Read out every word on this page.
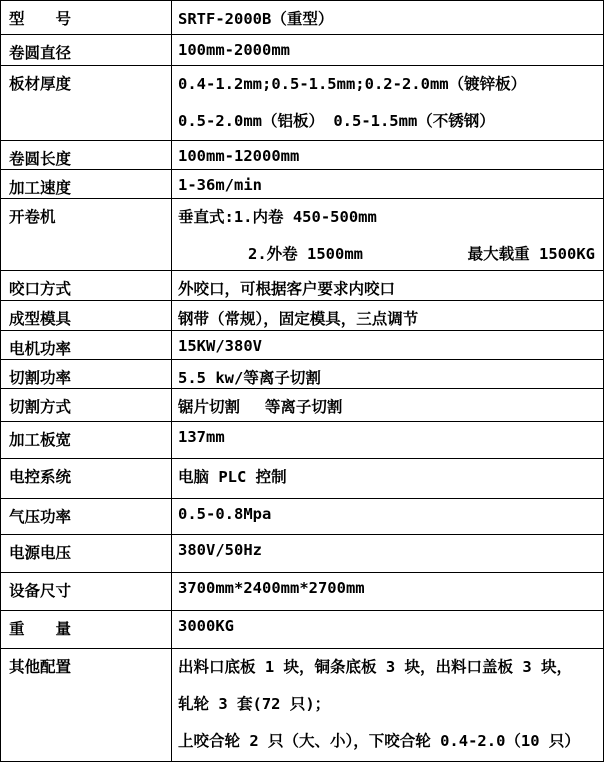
型　　号	SRTF-2000B（重型）

卷圆直径	100mm-2000mm

板材厚度	0.4-1.2mm;0.5-1.5mm;0.2-2.0mm（镀锌板）
0.5-2.0mm（铝板） 0.5-1.5mm（不锈钢）

卷圆长度	100mm-12000mm

加工速度	1-36m/min

开卷机	垂直式:1.内卷 450-500mm
2.外卷 1500mm 最大载重 1500KG

咬口方式	外咬口，可根据客户要求内咬口

成型模具	钢带（常规），固定模具，三点调节

电机功率	15KW/380V

切割功率	5.5 kw/等离子切割

切割方式	锯片切割　 等离子切割

加工板宽	137mm

电控系统	电脑 PLC 控制

气压功率	0.5-0.8Mpa

电源电压	380V/50Hz

设备尺寸	3700mm*2400mm*2700mm

重　　量	3000KG

其他配置	出料口底板 1 块，铜条底板 3 块，出料口盖板 3 块，
轧轮 3 套(72 只)；
上咬合轮 2 只（大、小），下咬合轮 0.4-2.0（10 只）
